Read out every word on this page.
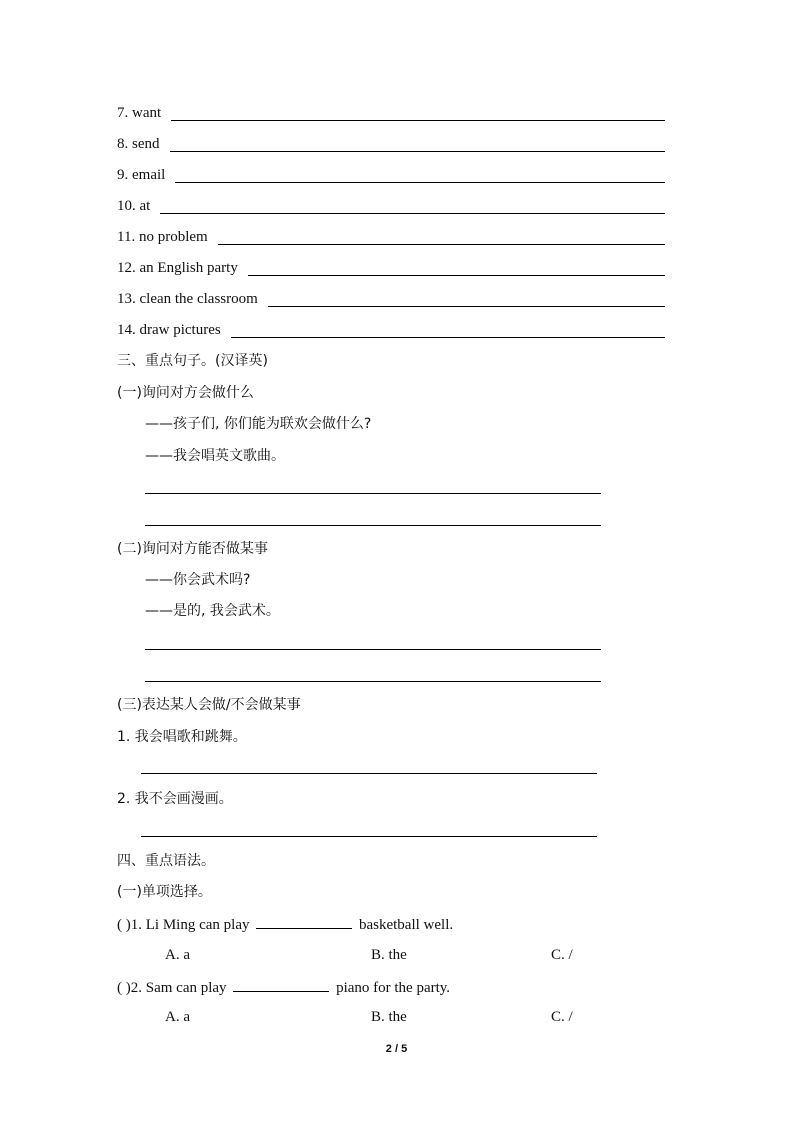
7. want
8. send
9. email
10. at
11. no problem
12. an English party
13. clean the classroom
14. draw pictures
三、重点句子。(汉译英)
(一)询问对方会做什么
——孩子们, 你们能为联欢会做什么?
——我会唱英文歌曲。
(二)询问对方能否做某事
——你会武术吗?
——是的, 我会武术。
(三)表达某人会做/不会做某事
1. 我会唱歌和跳舞。
2. 我不会画漫画。
四、重点语法。
(一)单项选择。
( )1. Li Ming can play	basketball well.
A. a	B. the	C. /
( )2. Sam can play	piano for the party.
A. a	B. the	C. /
2 / 5
